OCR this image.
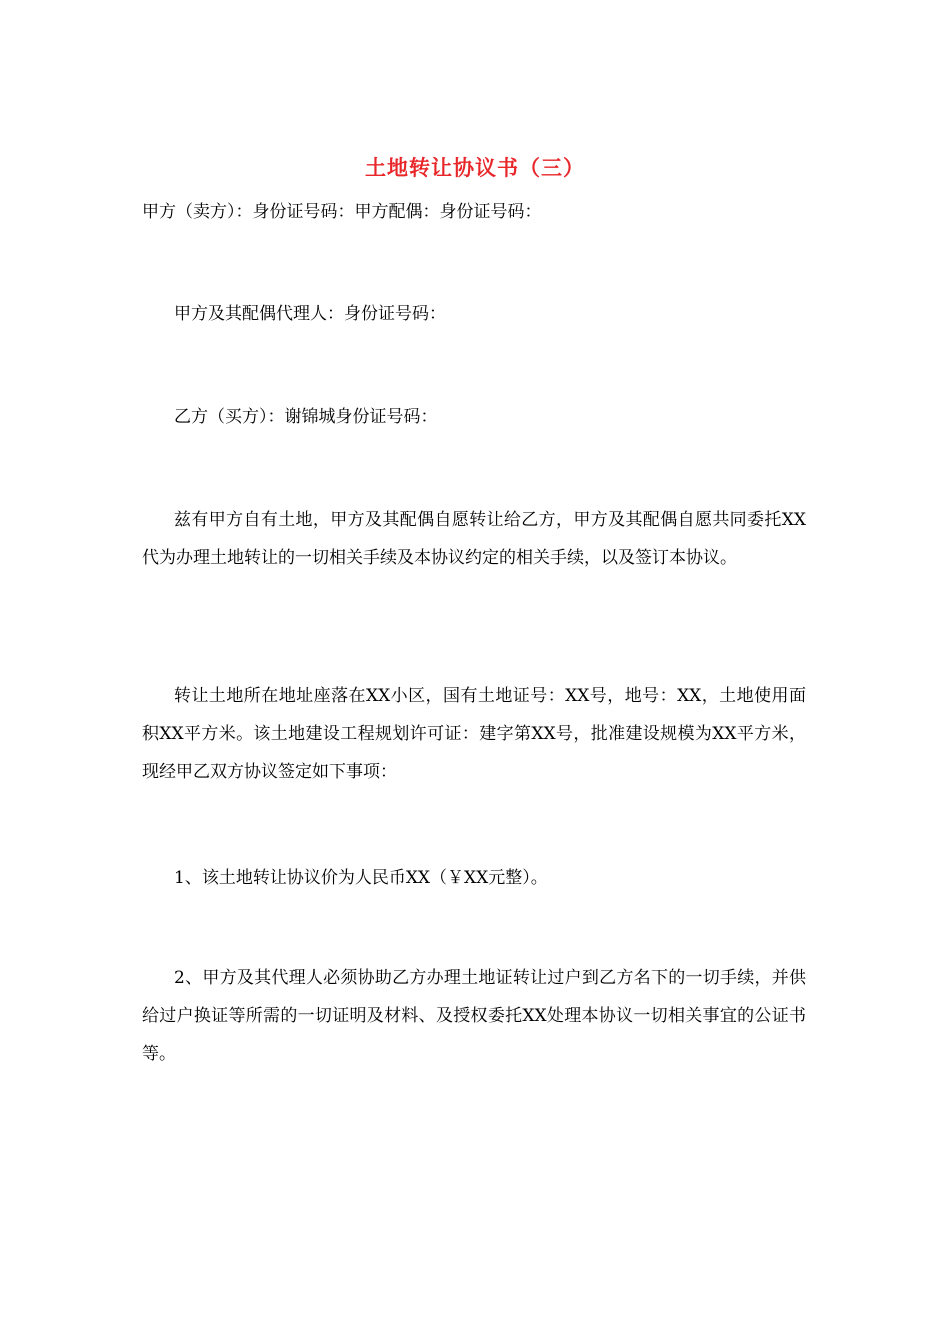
土地转让协议书（三）
甲方（卖方）：身份证号码：甲方配偶：身份证号码：
甲方及其配偶代理人：身份证号码：
乙方（买方）：谢锦城身份证号码：
兹有甲方自有土地，甲方及其配偶自愿转让给乙方，甲方及其配偶自愿共同委托XX代为办理土地转让的一切相关手续及本协议约定的相关手续，以及签订本协议。
转让土地所在地址座落在XX小区，国有土地证号：XX号，地号：XX，土地使用面积XX平方米。该土地建设工程规划许可证：建字第XX号，批准建设规模为XX平方米，现经甲乙双方协议签定如下事项：
1、该土地转让协议价为人民币XX（￥XX元整）。
2、甲方及其代理人必须协助乙方办理土地证转让过户到乙方名下的一切手续，并供给过户换证等所需的一切证明及材料、及授权委托XX处理本协议一切相关事宜的公证书等。
